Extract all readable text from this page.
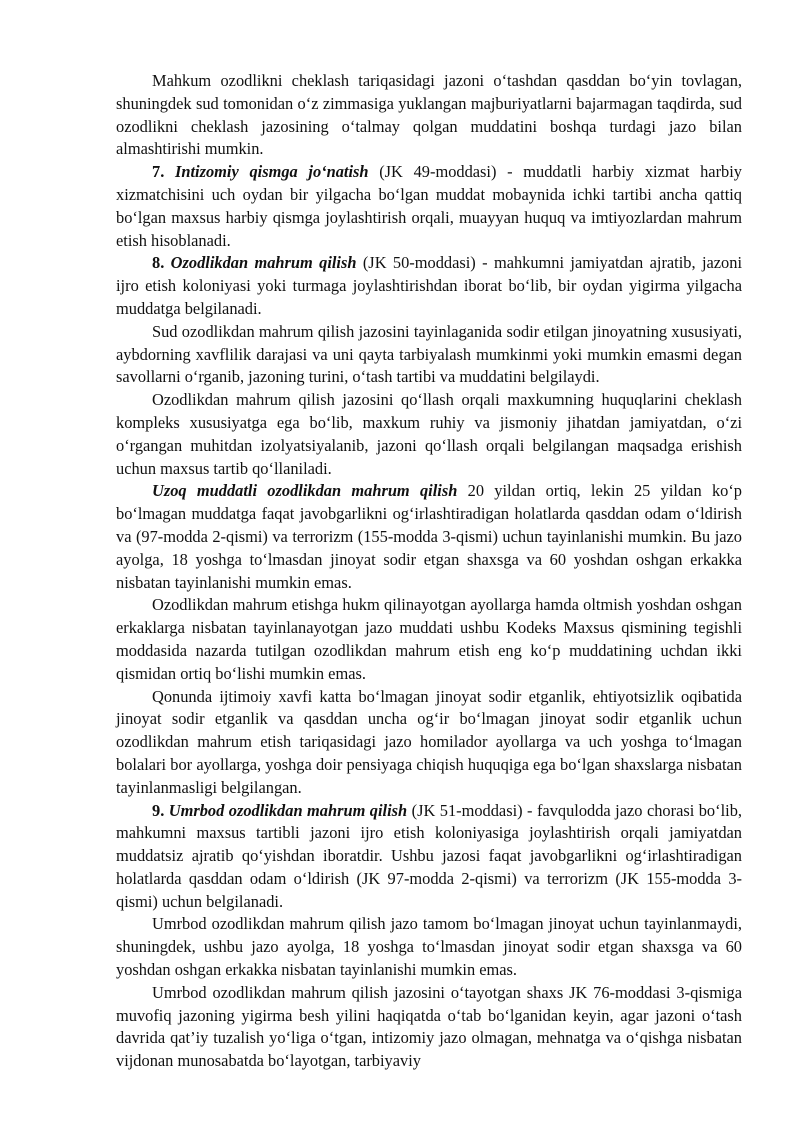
Mahkum ozodlikni cheklash tariqasidagi jazoni o‘tashdan qasddan bo‘yin tovlagan, shuningdek sud tomonidan o‘z zimmasiga yuklangan majburiyatlarni bajarmagan taqdirda, sud ozodlikni cheklash jazosining o‘talmay qolgan muddatini boshqa turdagi jazo bilan almashtirishi mumkin.

7. Intizomiy qismga jo‘natish (JK 49-moddasi) - muddatli harbiy xizmat harbiy xizmatchisini uch oydan bir yilgacha bo‘lgan muddat mobaynida ichki tartibi ancha qattiq bo‘lgan maxsus harbiy qismga joylashtirish orqali, muayyan huquq va imtiyozlardan mahrum etish hisoblanadi.

8. Ozodlikdan mahrum qilish (JK 50-moddasi) - mahkumni jamiyatdan ajratib, jazoni ijro etish koloniyasi yoki turmaga joylashtirishdan iborat bo‘lib, bir oydan yigirma yilgacha muddatga belgilanadi.

Sud ozodlikdan mahrum qilish jazosini tayinlaganida sodir etilgan jinoyatning xususiyati, aybdorning xavflilik darajasi va uni qayta tarbiyalash mumkinmi yoki mumkin emasmi degan savollarni o‘rganib, jazoning turini, o‘tash tartibi va muddatini belgilaydi.

Ozodlikdan mahrum qilish jazosini qo‘llash orqali maxkumning huquqlarini cheklash kompleks xususiyatga ega bo‘lib, maxkum ruhiy va jismoniy jihatdan jamiyatdan, o‘zi o‘rgangan muhitdan izolyatsiyalanib, jazoni qo‘llash orqali belgilangan maqsadga erishish uchun maxsus tartib qo‘llaniladi.

Uzoq muddatli ozodlikdan mahrum qilish 20 yildan ortiq, lekin 25 yildan ko‘p bo‘lmagan muddatga faqat javobgarlikni og‘irlashtiradigan holatlarda qasddan odam o‘ldirish va (97-modda 2-qismi) va terrorizm (155-modda 3-qismi) uchun tayinlanishi mumkin. Bu jazo ayolga, 18 yoshga to‘lmasdan jinoyat sodir etgan shaxsga va 60 yoshdan oshgan erkakka nisbatan tayinlanishi mumkin emas.

Ozodlikdan mahrum etishga hukm qilinayotgan ayollarga hamda oltmish yoshdan oshgan erkaklarga nisbatan tayinlanayotgan jazo muddati ushbu Kodeks Maxsus qismining tegishli moddasida nazarda tutilgan ozodlikdan mahrum etish eng ko‘p muddatining uchdan ikki qismidan ortiq bo‘lishi mumkin emas.

Qonunda ijtimoiy xavfi katta bo‘lmagan jinoyat sodir etganlik, ehtiyotsizlik oqibatida jinoyat sodir etganlik va qasddan uncha og‘ir bo‘lmagan jinoyat sodir etganlik uchun ozodlikdan mahrum etish tariqasidagi jazo homilador ayollarga va uch yoshga to‘lmagan bolalari bor ayollarga, yoshga doir pensiyaga chiqish huquqiga ega bo‘lgan shaxslarga nisbatan tayinlanmasligi belgilangan.

9. Umrbod ozodlikdan mahrum qilish (JK 51-moddasi) - favqulodda jazo chorasi bo‘lib, mahkumni maxsus tartibli jazoni ijro etish koloniyasiga joylashtirish orqali jamiyatdan muddatsiz ajratib qo‘yishdan iboratdir. Ushbu jazosi faqat javobgarlikni og‘irlashtiradigan holatlarda qasddan odam o‘ldirish (JK 97-modda 2-qismi) va terrorizm (JK 155-modda 3-qismi) uchun belgilanadi.

Umrbod ozodlikdan mahrum qilish jazo tamom bo‘lmagan jinoyat uchun tayinlanmaydi, shuningdek, ushbu jazo ayolga, 18 yoshga to‘lmasdan jinoyat sodir etgan shaxsga va 60 yoshdan oshgan erkakka nisbatan tayinlanishi mumkin emas.

Umrbod ozodlikdan mahrum qilish jazosini o‘tayotgan shaxs JK 76-moddasi 3-qismiga muvofiq jazoning yigirma besh yilini haqiqatda o‘tab bo‘lganidan keyin, agar jazoni o‘tash davrida qat’iy tuzalish yo‘liga o‘tgan, intizomiy jazo olmagan, mehnatga va o‘qishga nisbatan vijdonan munosabatda bo‘layotgan, tarbiyaviy
